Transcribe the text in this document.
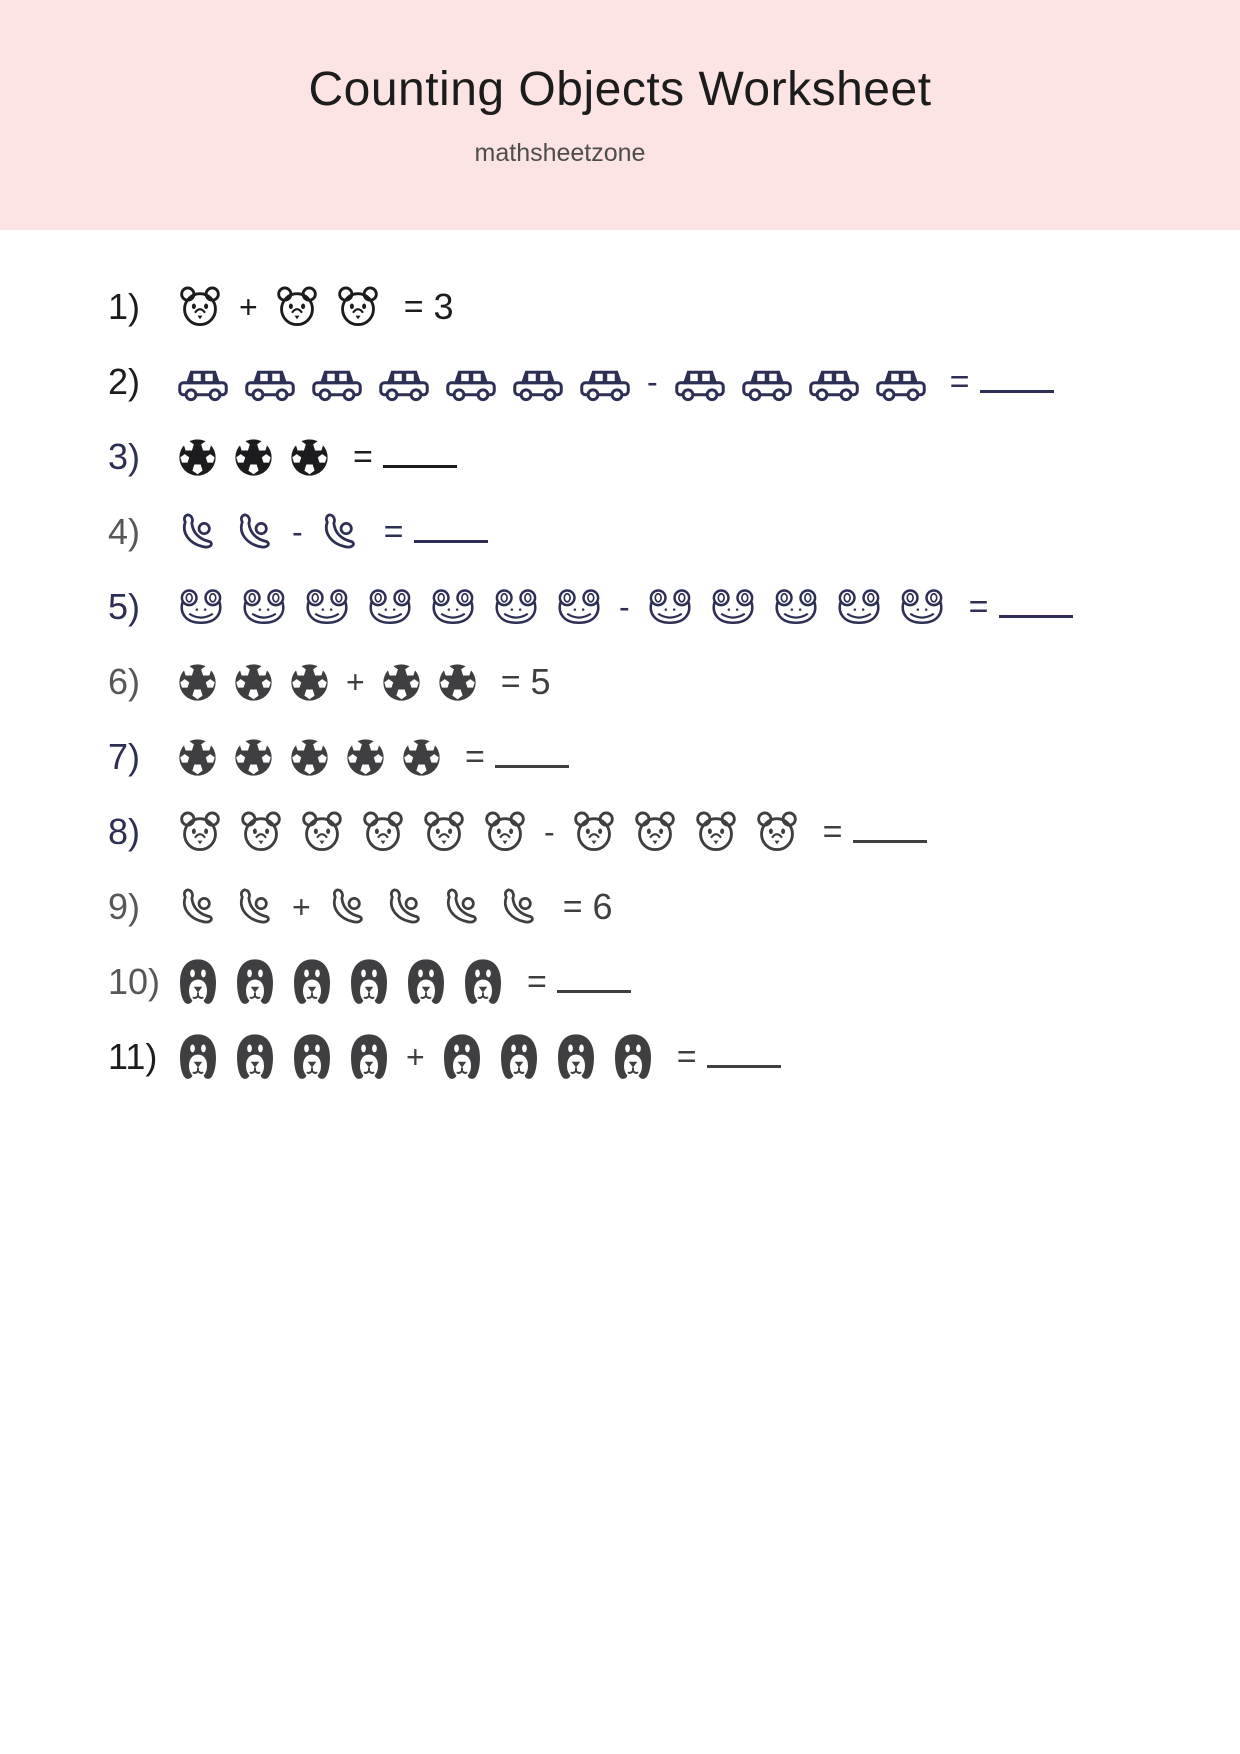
Counting Objects Worksheet
mathsheetzone
1)	+	= 3
2)	-	=
3)	=
4)	- =
5)	-	=
6)	+	= 5
7)	=
8)	-	=
9)	+	= 6
10)	=
11)	+	=
